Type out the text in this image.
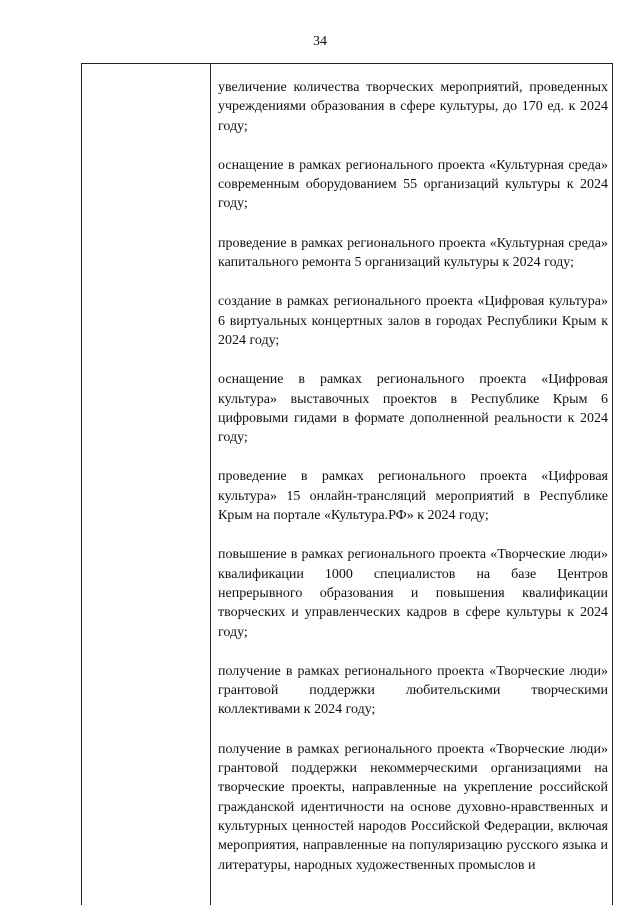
34

увеличение количества творческих мероприятий, проведенных учреждениями образования в сфере культуры, до 170 ед. к 2024 году;

оснащение в рамках регионального проекта «Культурная среда» современным оборудованием 55 организаций культуры к 2024 году;

проведение в рамках регионального проекта «Культурная среда» капитального ремонта 5 организаций культуры к 2024 году;

создание в рамках регионального проекта «Цифровая культура» 6 виртуальных концертных залов в городах Республики Крым к 2024 году;

оснащение в рамках регионального проекта «Цифровая культура» выставочных проектов в Республике Крым 6 цифровыми гидами в формате дополненной реальности к 2024 году;

проведение в рамках регионального проекта «Цифровая культура» 15 онлайн-трансляций мероприятий в Республике Крым на портале «Культура.РФ» к 2024 году;

повышение в рамках регионального проекта «Творческие люди» квалификации 1000 специалистов на базе Центров непрерывного образования и повышения квалификации творческих и управленческих кадров в сфере культуры к 2024 году;

получение в рамках регионального проекта «Творческие люди» грантовой поддержки любительскими творческими коллективами к 2024 году;

получение в рамках регионального проекта «Творческие люди» грантовой поддержки некоммерческими организациями на творческие проекты, направленные на укрепление российской гражданской идентичности на основе духовно-нравственных и культурных ценностей народов Российской Федерации, включая мероприятия, направленные на популяризацию русского языка и литературы, народных художественных промыслов и
